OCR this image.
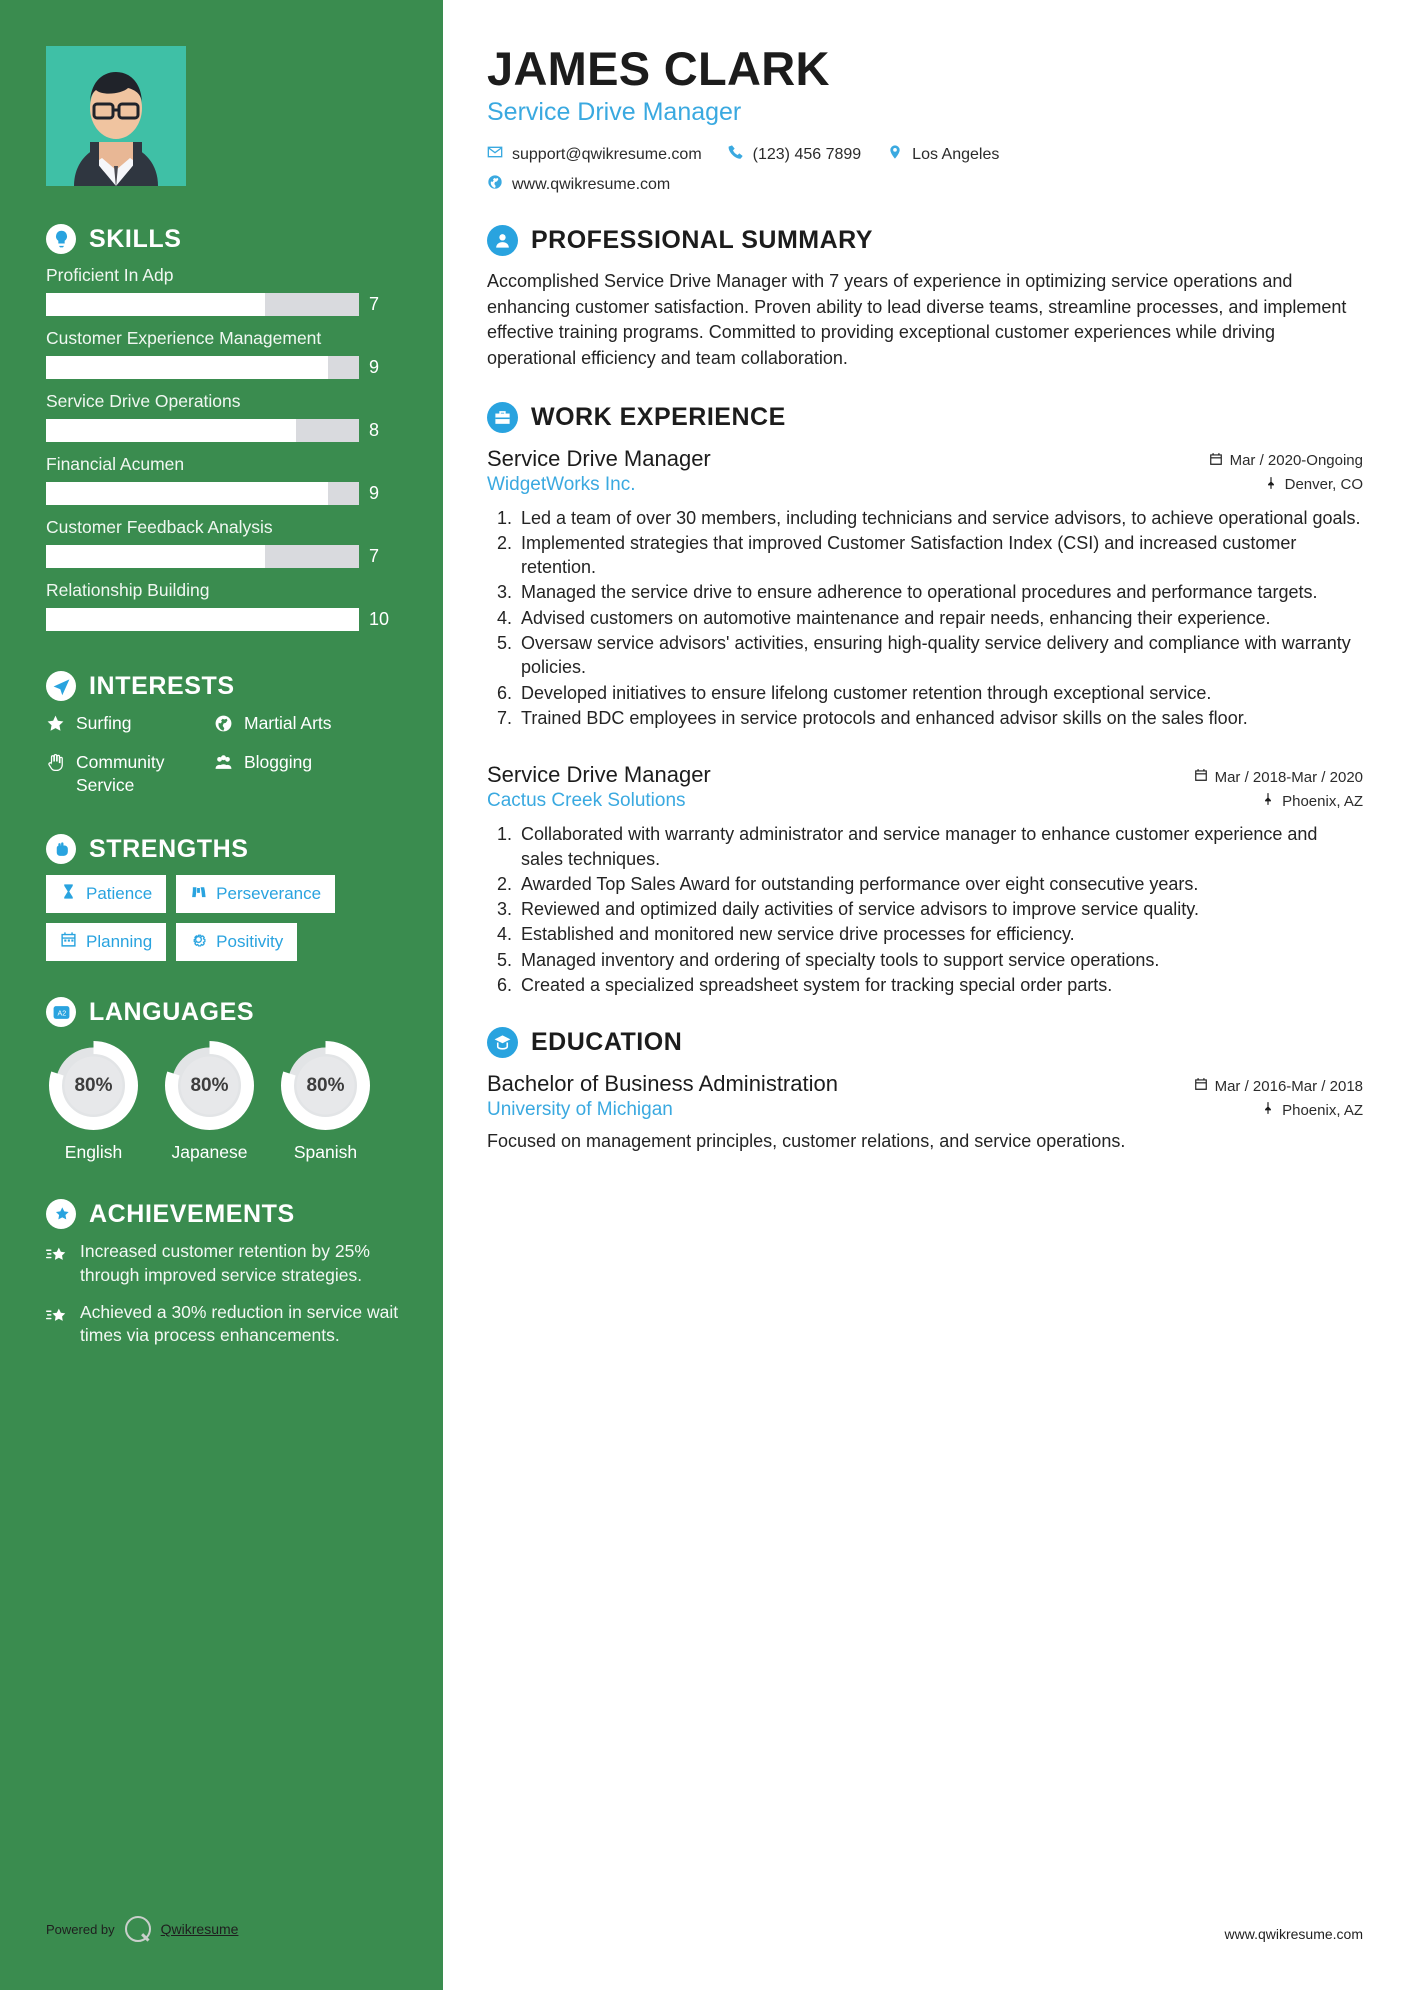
SKILLS
Proficient In Adp
7
Customer Experience Management
9
Service Drive Operations
8
Financial Acumen
9
Customer Feedback Analysis
7
Relationship Building
10
INTERESTS
Surfing	Martial Arts
Community Service
Blogging
STRENGTHS
Patience	Perseverance
Planning	Positivity
A 2 LANGUAGES
80%
English
80%
Japanese
80%
Spanish
ACHIEVEMENTS
Increased customer retention by 25% through improved service strategies.
Achieved a 30% reduction in service wait times via process enhancements.
Powered by	Qwikresume
JAMES CLARK
Service Drive Manager
support@qwikresume.com	(123) 456 7899	Los Angeles
www.qwikresume.com
PROFESSIONAL SUMMARY

Accomplished Service Drive Manager with 7 years of experience in optimizing service operations and enhancing customer satisfaction. Proven ability to lead diverse teams, streamline processes, and implement effective training programs. Committed to providing exceptional customer experiences while driving operational efficiency and team collaboration.

WORK EXPERIENCE
Service Drive Manager	Mar / 2020-Ongoing
WidgetWorks Inc.	Denver, CO
1. Led a team of over 30 members, including technicians and service advisors, to achieve operational goals.
2. Implemented strategies that improved Customer Satisfaction Index (CSI) and increased customer retention.
3. Managed the service drive to ensure adherence to operational procedures and performance targets.
4. Advised customers on automotive maintenance and repair needs, enhancing their experience.
5. Oversaw service advisors' activities, ensuring high-quality service delivery and compliance with warranty policies.
6. Developed initiatives to ensure lifelong customer retention through exceptional service.
7. Trained BDC employees in service protocols and enhanced advisor skills on the sales floor.
Service Drive Manager	Mar / 2018-Mar / 2020
Cactus Creek Solutions	Phoenix, AZ
1. Collaborated with warranty administrator and service manager to enhance customer experience and sales techniques.
2. Awarded Top Sales Award for outstanding performance over eight consecutive years.
3. Reviewed and optimized daily activities of service advisors to improve service quality.
4. Established and monitored new service drive processes for efficiency.
5. Managed inventory and ordering of specialty tools to support service operations.
6. Created a specialized spreadsheet system for tracking special order parts.
EDUCATION
Bachelor of Business Administration	Mar / 2016-Mar / 2018
University of Michigan	Phoenix, AZ

Focused on management principles, customer relations, and service operations.

www.qwikresume.com
